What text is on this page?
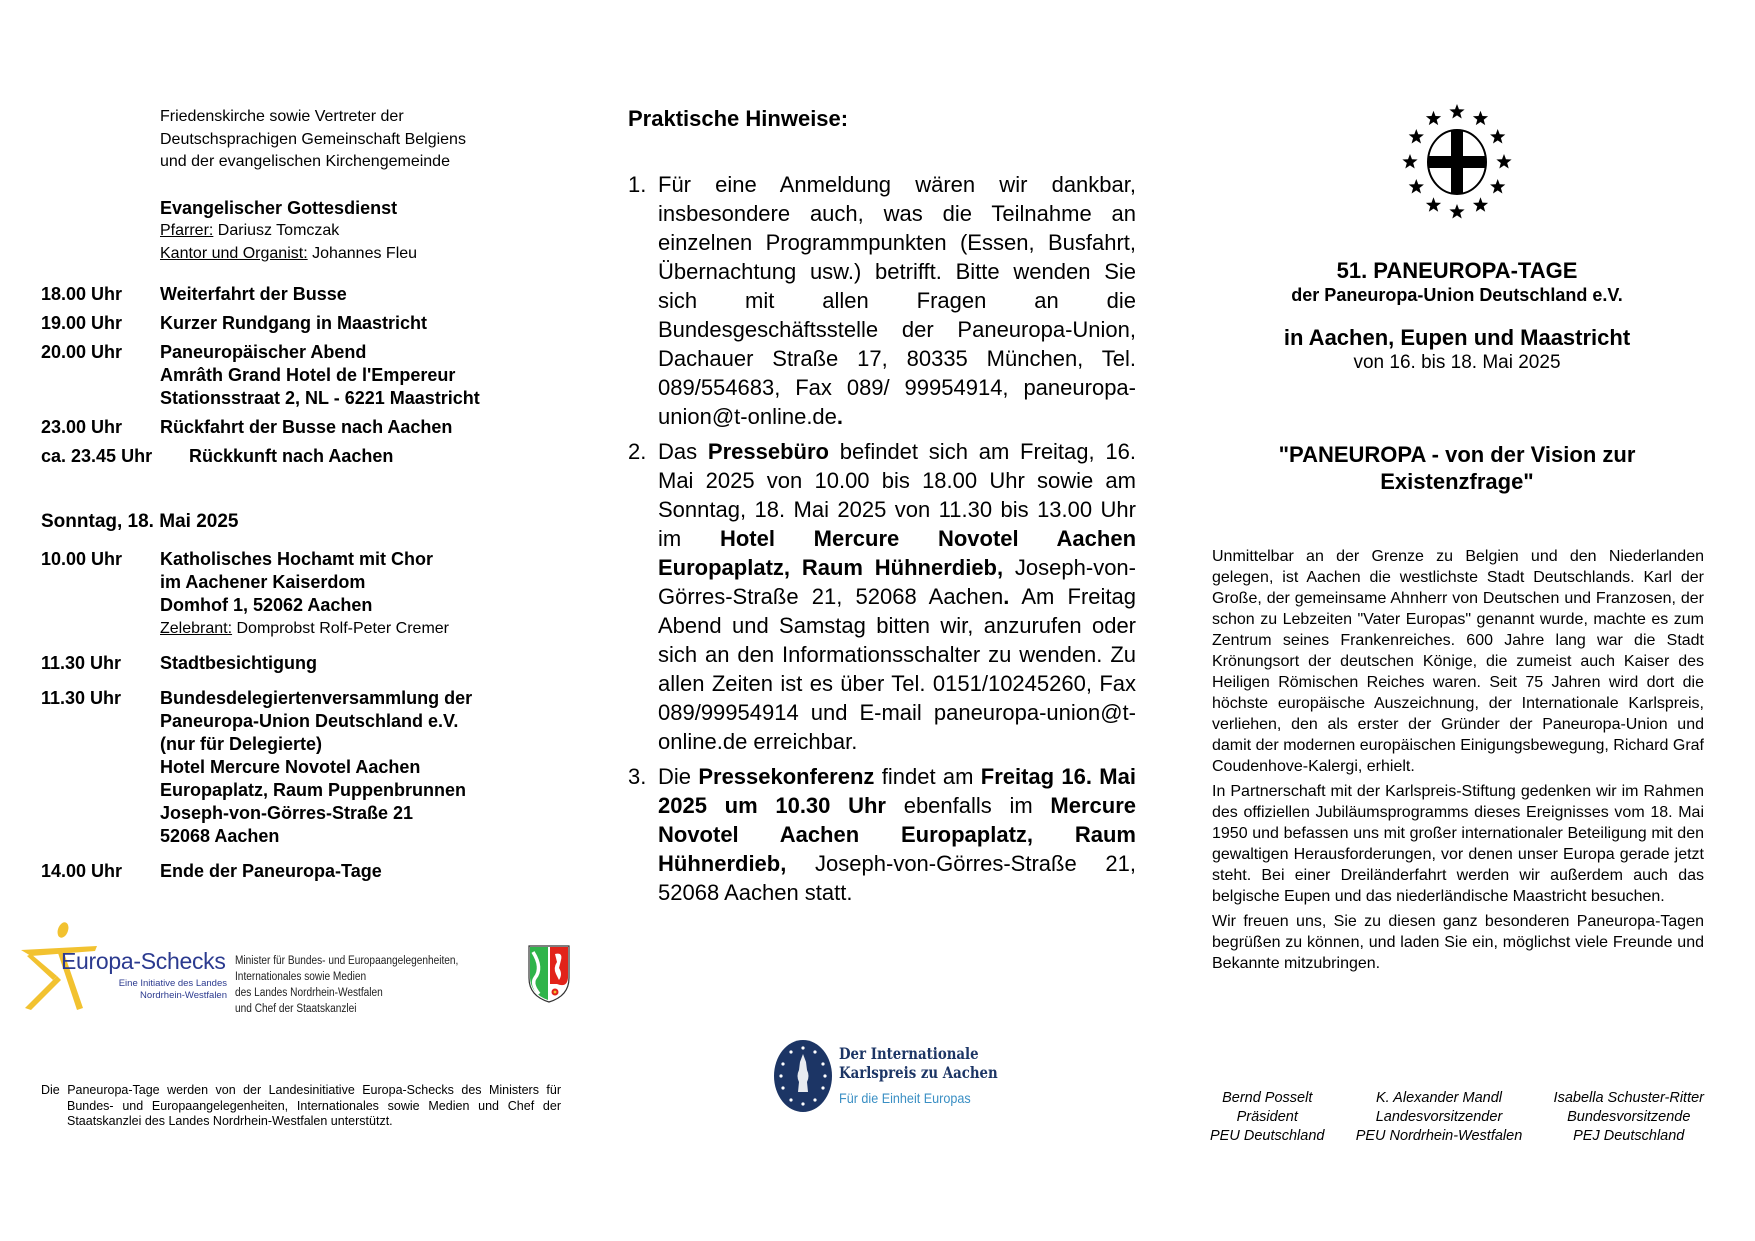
Friedenskirche sowie Vertreter der
Deutschsprachigen Gemeinschaft Belgiens
und der evangelischen Kirchengemeinde
Evangelischer Gottesdienst
Pfarrer: Dariusz Tomczak
Kantor und Organist: Johannes Fleu
18.00 Uhr	Weiterfahrt der Busse
19.00 Uhr	Kurzer Rundgang in Maastricht
20.00 Uhr	Paneuropäischer Abend
Amrâth Grand Hotel de l'Empereur
Stationsstraat 2, NL - 6221 Maastricht
23.00 Uhr	Rückfahrt der Busse nach Aachen
ca. 23.45 Uhr	Rückkunft nach Aachen
Sonntag, 18. Mai 2025
10.00 Uhr	Katholisches Hochamt mit Chor
im Aachener Kaiserdom
Domhof 1, 52062 Aachen
Zelebrant: Domprobst Rolf-Peter Cremer
11.30 Uhr	Stadtbesichtigung
11.30 Uhr	Bundesdelegiertenversammlung der
Paneuropa-Union Deutschland e.V.
(nur für Delegierte)
Hotel Mercure Novotel Aachen
Europaplatz, Raum Puppenbrunnen
Joseph-von-Görres-Straße 21
52068 Aachen
14.00 Uhr	Ende der Paneuropa-Tage
Europa-Schecks
Eine Initiative des Landes
Nordrhein-Westfalen
Minister für Bundes- und Europaangelegenheiten,
Internationales sowie Medien
des Landes Nordrhein-Westfalen
und Chef der Staatskanzlei
Die Paneuropa-Tage werden von der Landesinitiative Europa-Schecks des Ministers für Bundes- und Europaangelegenheiten, Internationales sowie Medien und Chef der Staatskanzlei des Landes Nordrhein-Westfalen unterstützt.
Praktische Hinweise:
1. Für eine Anmeldung wären wir dankbar, insbesondere auch, was die Teilnahme an einzelnen Programmpunkten (Essen, Busfahrt, Übernachtung usw.) betrifft. Bitte wenden Sie sich mit allen Fragen an die Bundesgeschäftsstelle der Paneuropa-Union, Dachauer Straße 17, 80335 München, Tel. 089/554683, Fax 089/ 99954914, paneuropa-union@t-online.de.
2. Das Pressebüro befindet sich am Freitag, 16. Mai 2025 von 10.00 bis 18.00 Uhr sowie am Sonntag, 18. Mai 2025 von 11.30 bis 13.00 Uhr im Hotel Mercure Novotel Aachen Europaplatz, Raum Hühnerdieb, Joseph-von-Görres-Straße 21, 52068 Aachen. Am Freitag Abend und Samstag bitten wir, anzurufen oder sich an den Informationsschalter zu wenden. Zu allen Zeiten ist es über Tel. 0151/10245260, Fax 089/99954914 und E-mail paneuropa-union@t-online.de erreichbar.
3. Die Pressekonferenz findet am Freitag 16. Mai 2025 um 10.30 Uhr ebenfalls im Mercure Novotel Aachen Europaplatz, Raum Hühnerdieb, Joseph-von-Görres-Straße 21, 52068 Aachen statt.
Der Internationale
Karlspreis zu Aachen
Für die Einheit Europas
51. PANEUROPA-TAGE
der Paneuropa-Union Deutschland e.V.
in Aachen, Eupen und Maastricht
von 16. bis 18. Mai 2025
"PANEUROPA - von der Vision zur Existenzfrage"

Unmittelbar an der Grenze zu Belgien und den Niederlanden gelegen, ist Aachen die westlichste Stadt Deutschlands. Karl der Große, der gemeinsame Ahnherr von Deutschen und Franzosen, der schon zu Lebzeiten "Vater Europas" genannt wurde, machte es zum Zentrum seines Frankenreiches. 600 Jahre lang war die Stadt Krönungsort der deutschen Könige, die zumeist auch Kaiser des Heiligen Römischen Reiches waren. Seit 75 Jahren wird dort die höchste europäische Auszeichnung, der Internationale Karlspreis, verliehen, den als erster der Gründer der Paneuropa-Union und damit der modernen europäischen Einigungsbewegung, Richard Graf Coudenhove-Kalergi, erhielt.

In Partnerschaft mit der Karlspreis-Stiftung gedenken wir im Rahmen des offiziellen Jubiläumsprogramms dieses Ereignisses vom 18. Mai 1950 und befassen uns mit großer internationaler Beteiligung mit den gewaltigen Herausforderungen, vor denen unser Europa gerade jetzt steht. Bei einer Dreiländerfahrt werden wir außerdem auch das belgische Eupen und das niederländische Maastricht besuchen.

Wir freuen uns, Sie zu diesen ganz besonderen Paneuropa-Tagen begrüßen zu können, und laden Sie ein, möglichst viele Freunde und Bekannte mitzubringen.

Bernd Posselt
Präsident
PEU Deutschland
K. Alexander Mandl
Landesvorsitzender
PEU Nordrhein-Westfalen
Isabella Schuster-Ritter
Bundesvorsitzende
PEJ Deutschland
